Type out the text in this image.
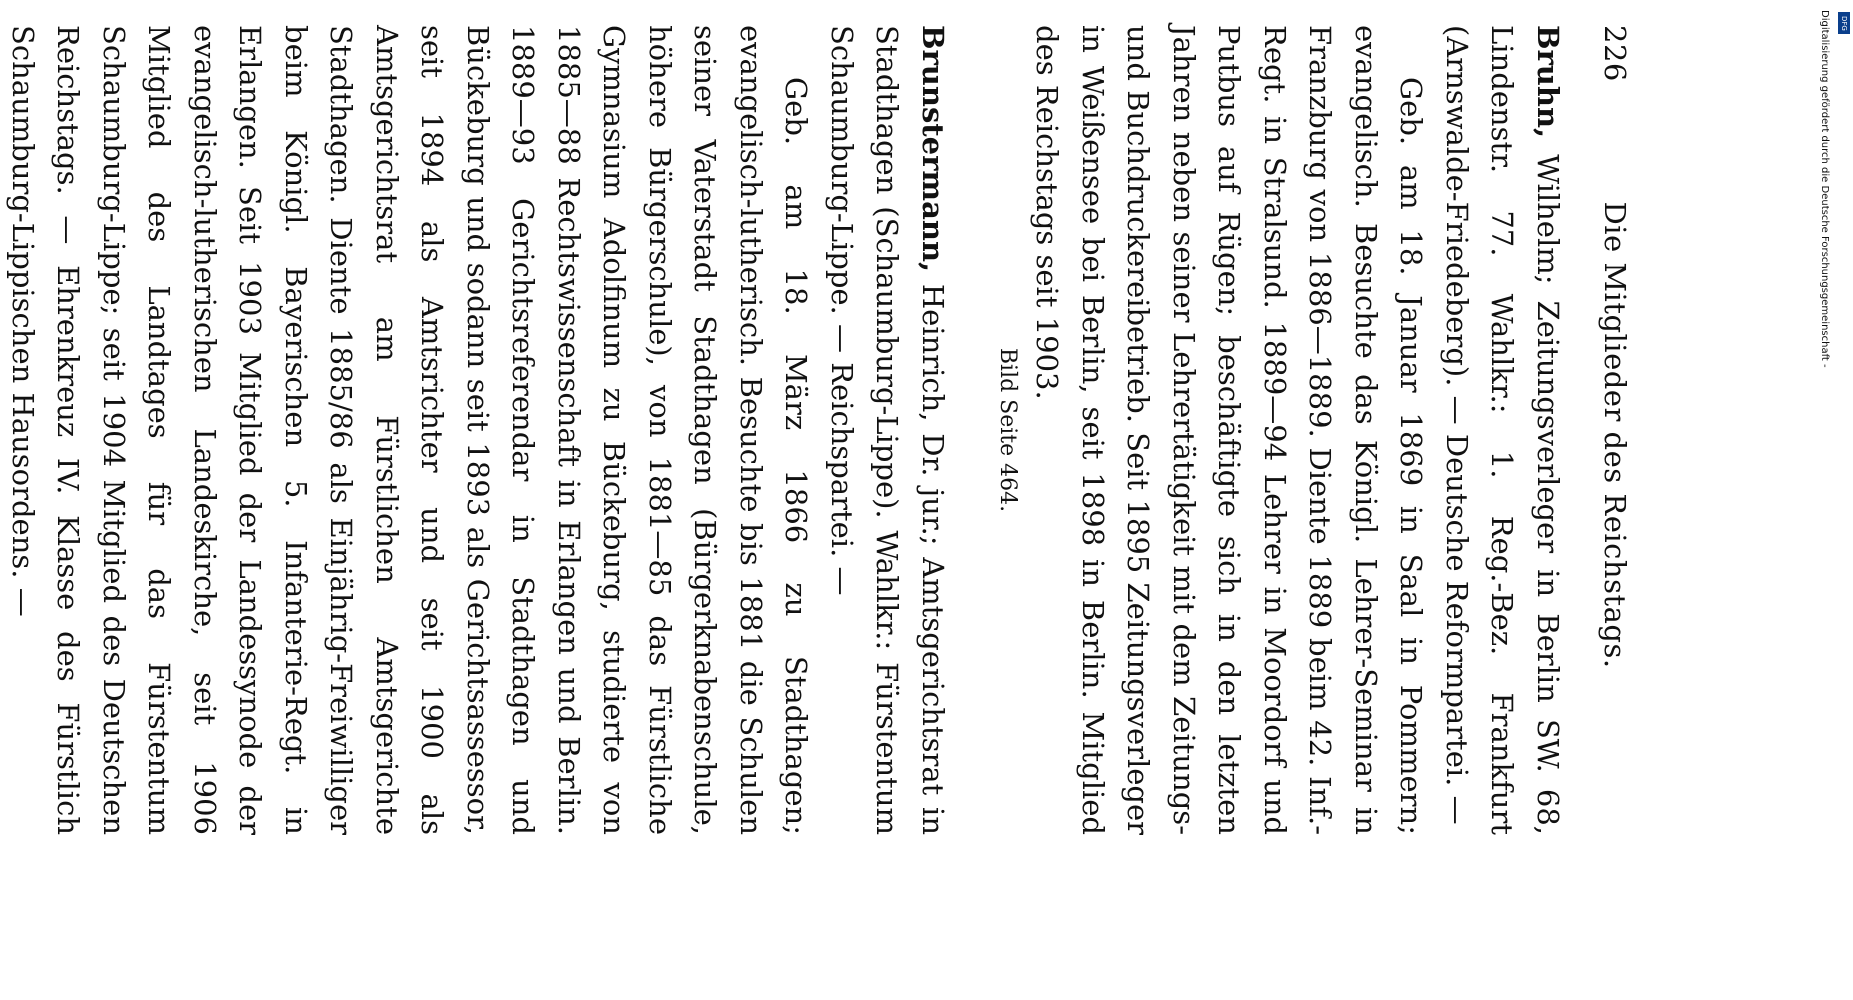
226
Die Mitglieder des Reichstags.

Bruhn, Wilhelm; Zeitungsverleger in Berlin SW. 68, Lindenstr. 77. Wahlkr.: 1. Reg.-Bez. Frankfurt (Arnswalde-Friedeberg). — Deutsche Reformpartei. —

Geb. am 18. Januar 1869 in Saal in Pommern; evangelisch. Besuchte das Königl. Lehrer-Seminar in Franzburg von 1886—1889. Diente 1889 beim 42. Inf.-Regt. in Stralsund. 1889—94 Lehrer in Moordorf und Putbus auf Rügen; beschäftigte sich in den letzten Jahren neben seiner Lehrertätigkeit mit dem Zeitungs- und Buchdruckereibetrieb. Seit 1895 Zeitungsverleger in Weißensee bei Berlin, seit 1898 in Berlin. Mitglied des Reichstags seit 1903.

Bild Seite 464.

Brunstermann, Heinrich, Dr. jur.; Amtsgerichtsrat in Stadthagen (Schaumburg-Lippe). Wahlkr.: Fürstentum Schaumburg-Lippe. — Reichspartei. —

Geb. am 18. März 1866 zu Stadthagen; evangelisch-lutherisch. Besuchte bis 1881 die Schulen seiner Vaterstadt Stadthagen (Bürgerknabenschule, höhere Bürgerschule), von 1881—85 das Fürstliche Gymnasium Adolfinum zu Bückeburg, studierte von 1885—88 Rechtswissenschaft in Erlangen und Berlin. 1889—93 Gerichtsreferendar in Stadthagen und Bückeburg und sodann seit 1893 als Gerichtsassessor, seit 1894 als Amtsrichter und seit 1900 als Amtsgerichtsrat am Fürstlichen Amtsgerichte Stadthagen. Diente 1885/86 als Einjährig-Freiwilliger beim Königl. Bayerischen 5. Infanterie-Regt. in Erlangen. Seit 1903 Mitglied der Landessynode der evangelisch-lutherischen Landeskirche, seit 1906 Mitglied des Landtages für das Fürstentum Schaumburg-Lippe; seit 1904 Mitglied des Deutschen Reichstags. — Ehrenkreuz IV. Klasse des Fürstlich Schaumburg-Lippischen Hausordens. —

DFG
Digitalisierung gefördert durch die Deutsche Forschungsgemeinschaft -
